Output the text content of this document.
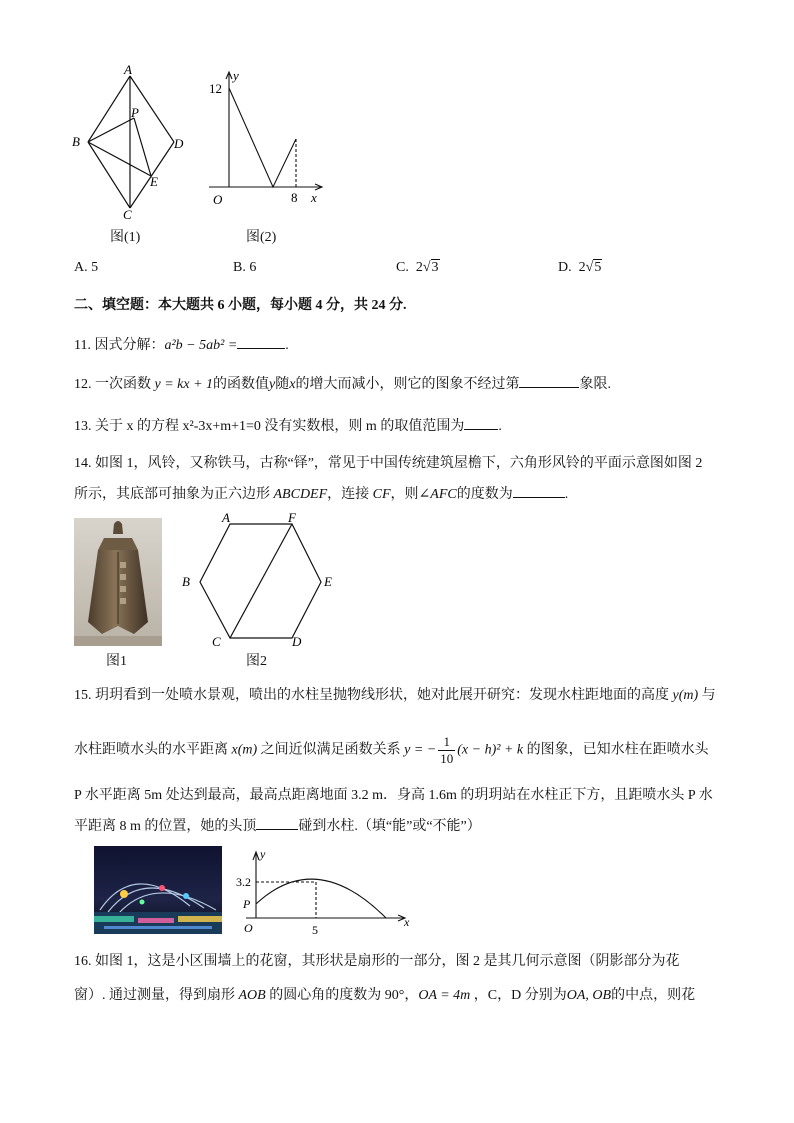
A
B
C
D
E
P
图(1)
y
x
O
12
8
图(2)
A. 5	B. 6	C. 2√3	D. 2√5
二、填空题：本大题共 6 小题，每小题 4 分，共 24 分.
11. 因式分解：a²b − 5ab² =	.
12. 一次函数 y = kx + 1的函数值y随x的增大而减小，则它的图象不经过第	象限.
13. 关于 x 的方程 x²-3x+m+1=0 没有实数根，则 m 的取值范围为 .
14. 如图 1，风铃，又称铁马，古称“铎”，常见于中国传统建筑屋檐下，六角形风铃的平面示意图如图 2
所示，其底部可抽象为正六边形 ABCDEF，连接 CF，则∠AFC的度数为	.
图1
A	F
B	E
C	D
图2
15. 玥玥看到一处喷水景观，喷出的水柱呈抛物线形状，她对此展开研究：发现水柱距地面的高度 y(m) 与
水柱距喷水头的水平距离 x(m) 之间近似满足函数关系 y = − $\frac{1}{10} (x - h)^2 + k$ 的图象，已知水柱在距喷水头
P 水平距离 5m 处达到最高，最高点距离地面 3.2 m．身高 1.6m 的玥玥站在水柱正下方，且距喷水头 P 水
平距离 8 m 的位置，她的头顶	碰到水柱.（填“能”或“不能”）
y
x
O
P
3.2
5
16. 如图 1，这是小区围墙上的花窗，其形状是扇形的一部分，图 2 是其几何示意图（阴影部分为花
窗）. 通过测量，得到扇形 AOB 的圆心角的度数为 90°，OA = 4m ，C，D 分别为OA, OB的中点，则花
